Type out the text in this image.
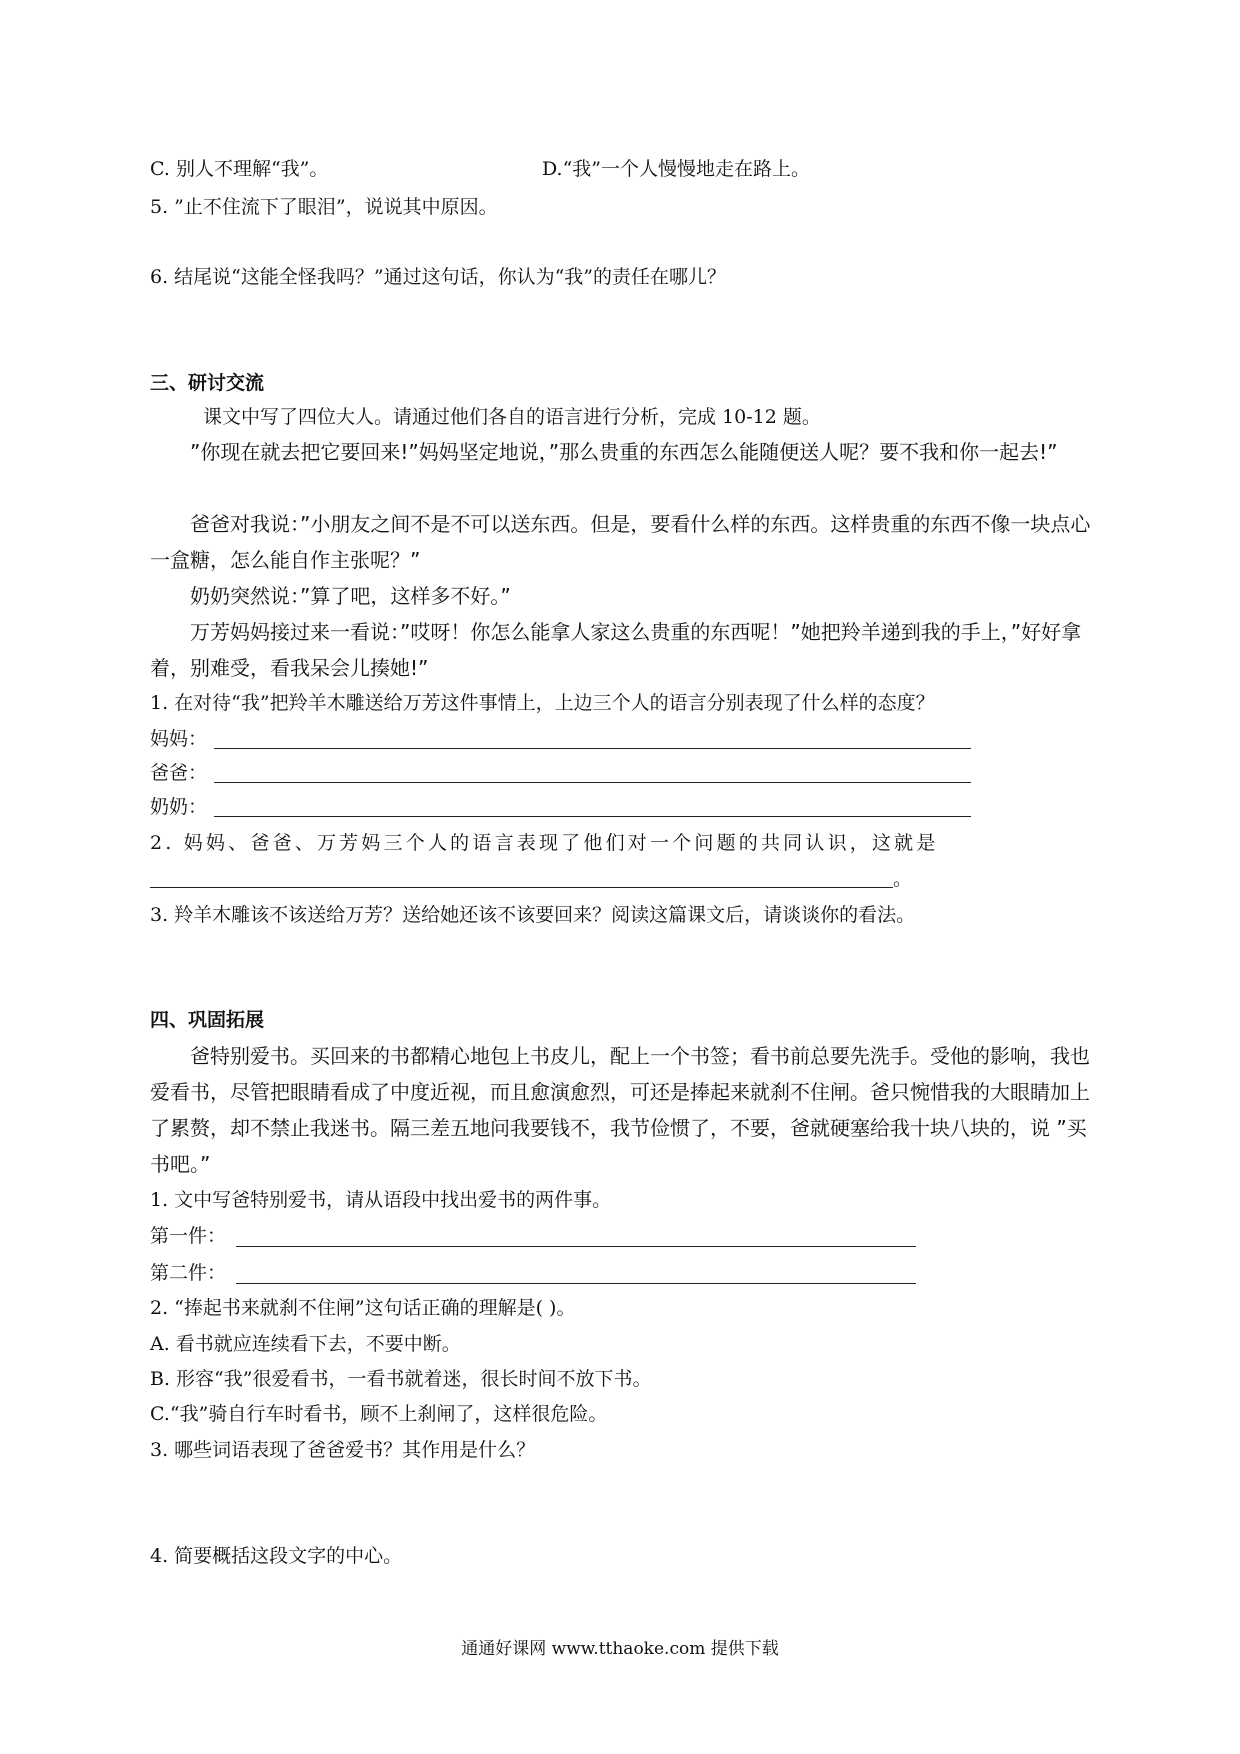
C. 别人不理解“我”。	D.“我”一个人慢慢地走在路上。
5. ”止不住流下了眼泪”，说说其中原因。
6. 结尾说“这能全怪我吗？”通过这句话，你认为“我”的责任在哪儿？
三、研讨交流
课文中写了四位大人。请通过他们各自的语言进行分析，完成 10-12 题。
”你现在就去把它要回来!”妈妈坚定地说，”那么贵重的东西怎么能随便送人呢？要不我和你一起去!”
爸爸对我说：”小朋友之间不是不可以送东西。但是，要看什么样的东西。这样贵重的东西不像一块点心一盒糖，怎么能自作主张呢？”
奶奶突然说：”算了吧，这样多不好。”
万芳妈妈接过来一看说：”哎呀！你怎么能拿人家这么贵重的东西呢！”她把羚羊递到我的手上，”好好拿着，别难受，看我呆会儿揍她!”
1. 在对待“我”把羚羊木雕送给万芳这件事情上，上边三个人的语言分别表现了什么样的态度？
妈妈：
爸爸：
奶奶：
2. 妈妈、爸爸、万芳妈三个人的语言表现了他们对一个问题的共同认识，这就是
。
3. 羚羊木雕该不该送给万芳？送给她还该不该要回来？阅读这篇课文后，请谈谈你的看法。
四、巩固拓展
爸特别爱书。买回来的书都精心地包上书皮儿，配上一个书签；看书前总要先洗手。受他的影响，我也爱看书，尽管把眼睛看成了中度近视，而且愈演愈烈，可还是捧起来就刹不住闸。爸只惋惜我的大眼睛加上了累赘，却不禁止我迷书。隔三差五地问我要钱不，我节俭惯了，不要，爸就硬塞给我十块八块的，说 ”买书吧。”
1. 文中写爸特别爱书，请从语段中找出爱书的两件事。
第一件：
第二件：
2. “捧起书来就刹不住闸”这句话正确的理解是( )。
A. 看书就应连续看下去，不要中断。
B. 形容“我”很爱看书，一看书就着迷，很长时间不放下书。
C.“我”骑自行车时看书，顾不上刹闸了，这样很危险。
3. 哪些词语表现了爸爸爱书？其作用是什么？
4. 简要概括这段文字的中心。
通通好课网 www.tthaoke.com 提供下载
